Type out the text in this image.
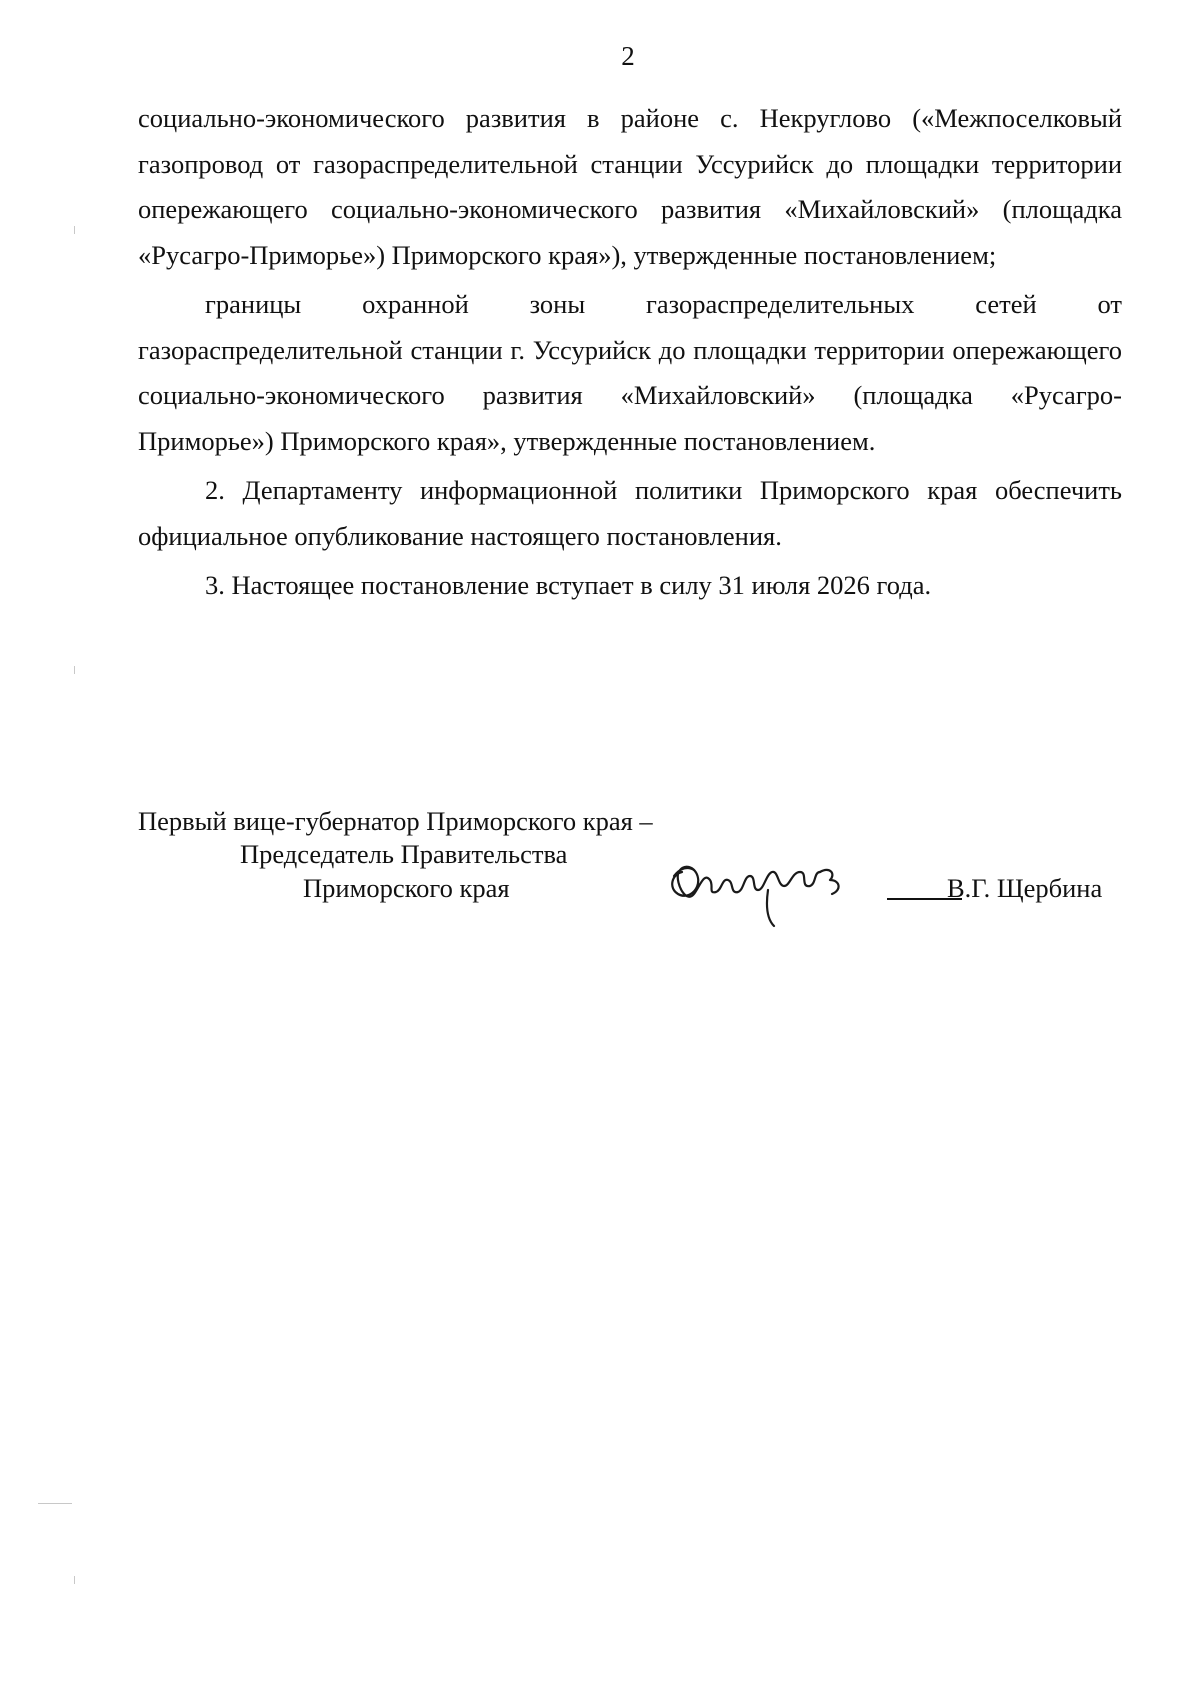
2

социально-экономического развития в районе с. Некруглово («Межпоселковый газопровод от газораспределительной станции Уссурийск до площадки территории опережающего социально-экономического развития «Михайловский» (площадка «Русагро-Приморье») Приморского края»), утвержденные постановлением;

границы охранной зоны газораспределительных сетей от газораспределительной станции г. Уссурийск до площадки территории опережающего социально-экономического развития «Михайловский» (площадка «Русагро-Приморье») Приморского края», утвержденные постановлением.

2. Департаменту информационной политики Приморского края обеспечить официальное опубликование настоящего постановления.

3. Настоящее постановление вступает в силу 31 июля 2026 года.

Первый вице-губернатор Приморского края –
Председатель Правительства
Приморского края	В.Г. Щербина
